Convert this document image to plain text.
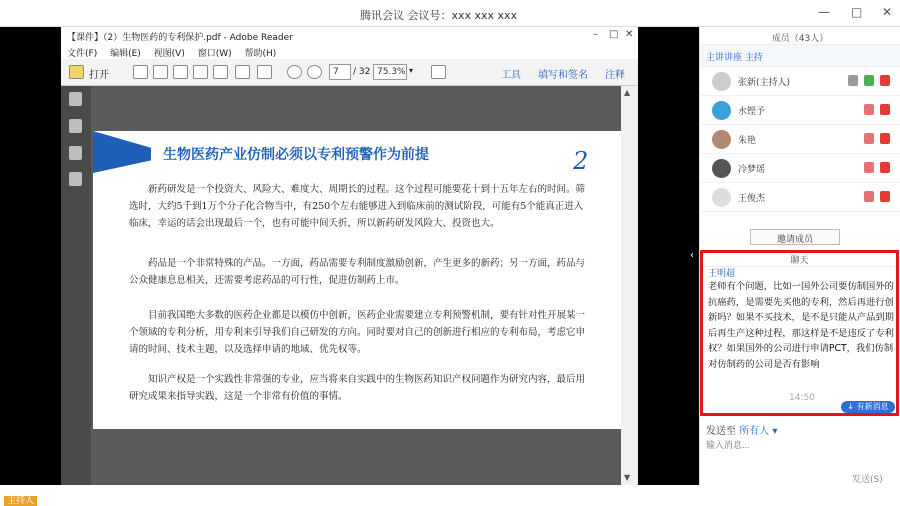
腾讯会议 会议号：xxx xxx xxx	— □ ✕
【课件】（2）生物医药的专利保护.pdf - Adobe Reader	– □ ✕
文件(F) 编辑(E) 视图(V) 窗口(W) 帮助(H)
打开	7	/ 32 75.3% ▾	工具 填写和签名 注释
2
生物医药产业仿制必须以专利预警作为前提

新药研发是一个投资大、风险大、难度大、周期长的过程。这个过程可能要花十到十五年左右的时间。筛选时，大约5千到1万个分子化合物当中，有250个左右能够进入到临床前的测试阶段，可能有5个能真正进入临床，幸运的话会出现最后一个，也有可能中间夭折，所以新药研发风险大、投资也大。

药品是一个非常特殊的产品。一方面，药品需要专利制度激励创新，产生更多的新药；另一方面，药品与公众健康息息相关，还需要考虑药品的可行性，促进仿制药上市。

目前我国绝大多数的医药企业都是以模仿中创新，医药企业需要建立专利预警机制，要有针对性开展某一个领域的专利分析，用专利来引导我们自己研发的方向。同时要对自己的创新进行相应的专利布局，考虑它申请的时间、技术主题，以及选择申请的地域、优先权等。

知识产权是一个实践性非常强的专业，应当将来自实践中的生物医药知识产权问题作为研究内容，最后用研究成果来指导实践，这是一个非常有价值的事情。

▲
▼
主持人 张新的屏幕共享
‹
成员（43人）
主讲讲座 主持
张新(主持人)
水铿予
朱艳
冷梦瑶
王俊杰
邀请成员
聊天
王明超
老师有个问题，比如一国外公司要仿制国外的抗癌药，是需要先买他的专利，然后再进行创新吗？如果不买技术，是不是只能从产品到期后再生产这种过程，那这样是不是违反了专利权？如果国外的公司进行申请PCT，我们仿制对仿制药的公司是否有影响
14:50
↓ 有新消息
发送至 所有人 ▾
输入消息...
发送(S)
